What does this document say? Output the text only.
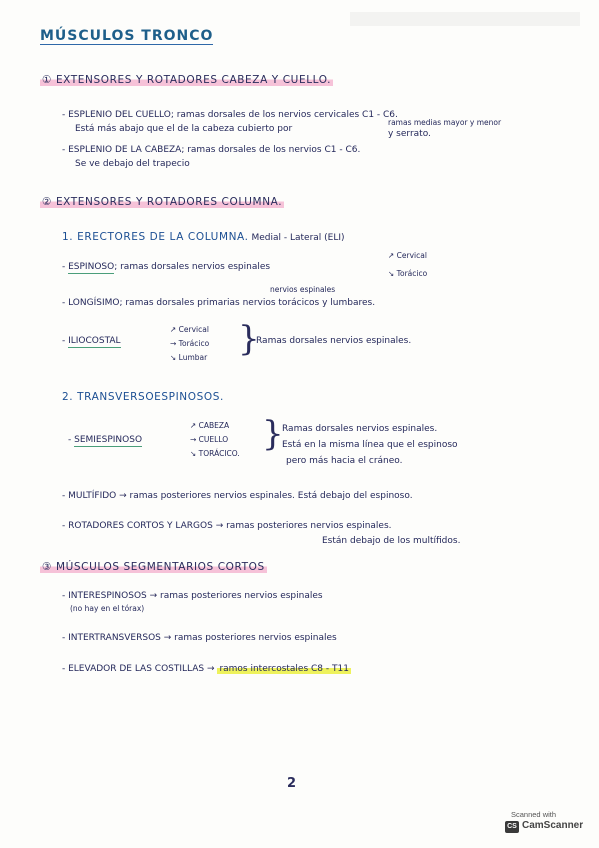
MÚSCULOS TRONCO
① EXTENSORES Y ROTADORES CABEZA Y CUELLO.
- ESPLENIO DEL CUELLO; ramas dorsales de los nervios cervicales C1 - C6.
ramas medias mayor y menor
Está más abajo que el de la cabeza cubierto por	y serrato.
- ESPLENIO DE LA CABEZA; ramas dorsales de los nervios C1 - C6.
Se ve debajo del trapecio
② EXTENSORES Y ROTADORES COLUMNA.
1. ERECTORES DE LA COLUMNA. Medial - Lateral (ELI)
- ESPINOSO; ramas dorsales nervios espinales
↗ Cervical
↘ Torácico
nervios espinales
- LONGÍSIMO; ramas dorsales primarias nervios torácicos y lumbares.
- ILIOCOSTAL
↗ Cervical
→ Torácico
↘ Lumbar }
Ramas dorsales nervios espinales.
2. TRANSVERSOESPINOSOS.
- SEMIESPINOSO
↗ CABEZA
→ CUELLO
↘ TORÁCICO. }
Ramas dorsales nervios espinales.
Está en la misma línea que el espinoso
pero más hacia el cráneo.
- MULTÍFIDO → ramas posteriores nervios espinales. Está debajo del espinoso.
- ROTADORES CORTOS Y LARGOS → ramas posteriores nervios espinales.
Están debajo de los multífidos.
③ MÚSCULOS SEGMENTARIOS CORTOS
- INTERESPINOSOS → ramas posteriores nervios espinales
(no hay en el tórax)
- INTERTRANSVERSOS → ramas posteriores nervios espinales
- ELEVADOR DE LAS COSTILLAS → ramos intercostales C8 - T11
2
Scanned with
CS CamScanner
